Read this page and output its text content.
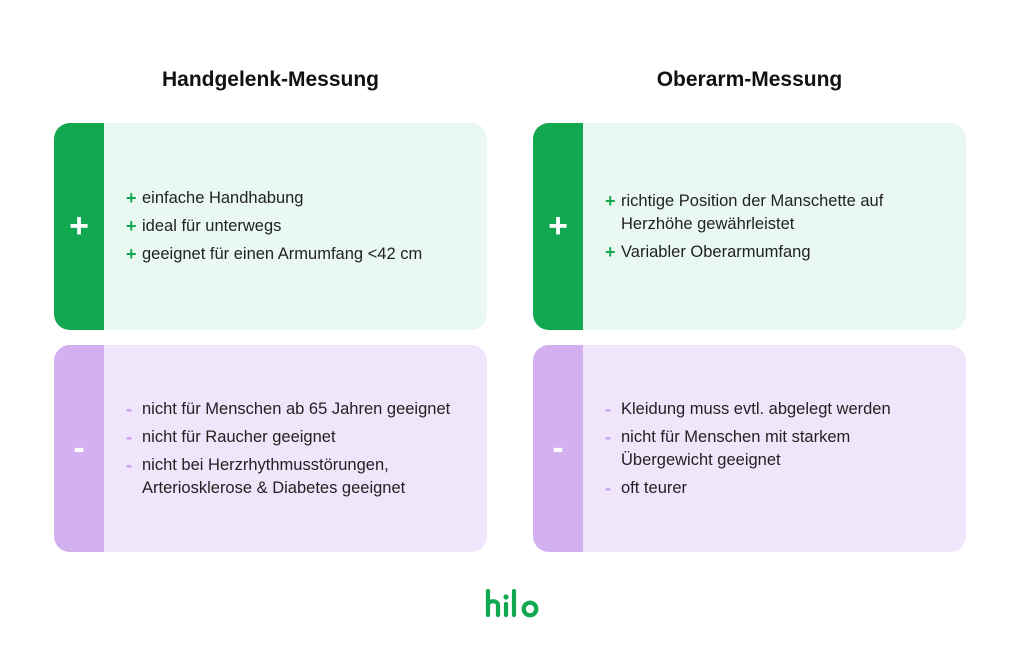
Handgelenk-Messung	Oberarm-Messung
+
+ einfache Handhabung
+ ideal für unterwegs
+ geeignet für einen Armumfang <42 cm
+
+ richtige Position der Manschette auf Herzhöhe gewährleistet
+ Variabler Oberarmumfang
-
- nicht für Menschen ab 65 Jahren geeignet
- nicht für Raucher geeignet
- nicht bei Herzrhythmusstörungen, Arteriosklerose & Diabetes geeignet
-
- Kleidung muss evtl. abgelegt werden
- nicht für Menschen mit starkem Übergewicht geeignet
- oft teurer
